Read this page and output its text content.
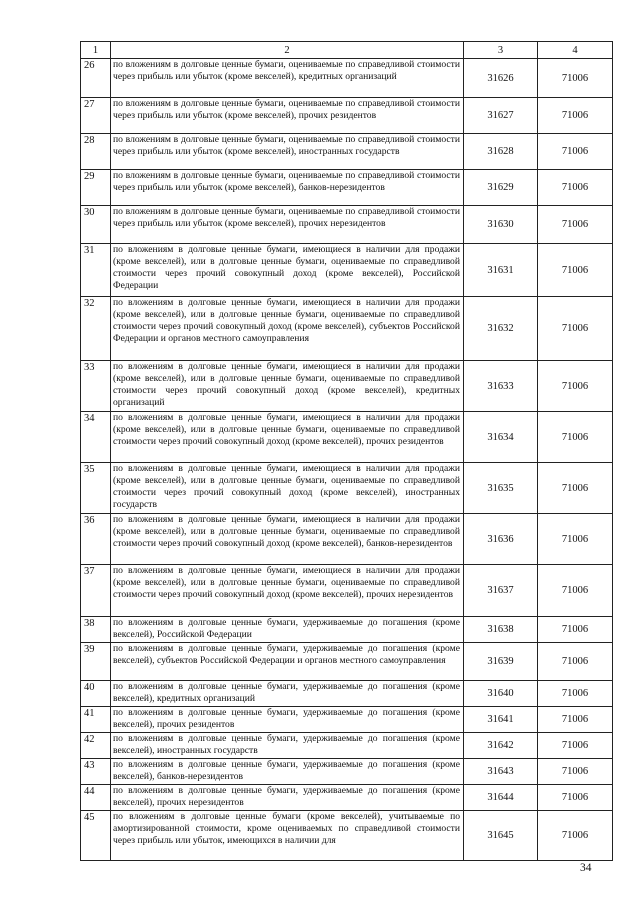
1	2	3	4
26	по вложениям в долговые ценные бумаги, оцениваемые по справедливой стоимости через прибыль или убыток (кроме векселей), кредитных организаций	31626	71006
27	по вложениям в долговые ценные бумаги, оцениваемые по справедливой стоимости через прибыль или убыток (кроме векселей), прочих резидентов	31627	71006
28	по вложениям в долговые ценные бумаги, оцениваемые по справедливой стоимости через прибыль или убыток (кроме векселей), иностранных государств	31628	71006
29	по вложениям в долговые ценные бумаги, оцениваемые по справедливой стоимости через прибыль или убыток (кроме векселей), банков-нерезидентов	31629	71006
30	по вложениям в долговые ценные бумаги, оцениваемые по справедливой стоимости через прибыль или убыток (кроме векселей), прочих нерезидентов	31630	71006
31	по вложениям в долговые ценные бумаги, имеющиеся в наличии для продажи (кроме векселей), или в долговые ценные бумаги, оцениваемые по справедливой стоимости через прочий совокупный доход (кроме векселей), Российской Федерации	31631	71006
32	по вложениям в долговые ценные бумаги, имеющиеся в наличии для продажи (кроме векселей), или в долговые ценные бумаги, оцениваемые по справедливой стоимости через прочий совокупный доход (кроме векселей), субъектов Российской Федерации и органов местного самоуправления	31632	71006
33	по вложениям в долговые ценные бумаги, имеющиеся в наличии для продажи (кроме векселей), или в долговые ценные бумаги, оцениваемые по справедливой стоимости через прочий совокупный доход (кроме векселей), кредитных организаций	31633	71006
34	по вложениям в долговые ценные бумаги, имеющиеся в наличии для продажи (кроме векселей), или в долговые ценные бумаги, оцениваемые по справедливой стоимости через прочий совокупный доход (кроме векселей), прочих резидентов	31634	71006
35	по вложениям в долговые ценные бумаги, имеющиеся в наличии для продажи (кроме векселей), или в долговые ценные бумаги, оцениваемые по справедливой стоимости через прочий совокупный доход (кроме векселей), иностранных государств	31635	71006
36	по вложениям в долговые ценные бумаги, имеющиеся в наличии для продажи (кроме векселей), или в долговые ценные бумаги, оцениваемые по справедливой стоимости через прочий совокупный доход (кроме векселей), банков-нерезидентов	31636	71006
37	по вложениям в долговые ценные бумаги, имеющиеся в наличии для продажи (кроме векселей), или в долговые ценные бумаги, оцениваемые по справедливой стоимости через прочий совокупный доход (кроме векселей), прочих нерезидентов	31637	71006
38	по вложениям в долговые ценные бумаги, удерживаемые до погашения (кроме векселей), Российской Федерации	31638	71006
39	по вложениям в долговые ценные бумаги, удерживаемые до погашения (кроме векселей), субъектов Российской Федерации и органов местного самоуправления	31639	71006
40	по вложениям в долговые ценные бумаги, удерживаемые до погашения (кроме векселей), кредитных организаций	31640	71006
41	по вложениям в долговые ценные бумаги, удерживаемые до погашения (кроме векселей), прочих резидентов	31641	71006
42	по вложениям в долговые ценные бумаги, удерживаемые до погашения (кроме векселей), иностранных государств	31642	71006
43	по вложениям в долговые ценные бумаги, удерживаемые до погашения (кроме векселей), банков-нерезидентов	31643	71006
44	по вложениям в долговые ценные бумаги, удерживаемые до погашения (кроме векселей), прочих нерезидентов	31644	71006
45	по вложениям в долговые ценные бумаги (кроме векселей), учитываемые по амортизированной стоимости, кроме оцениваемых по справедливой стоимости через прибыль или убыток, имеющихся в наличии для	31645	71006
34
